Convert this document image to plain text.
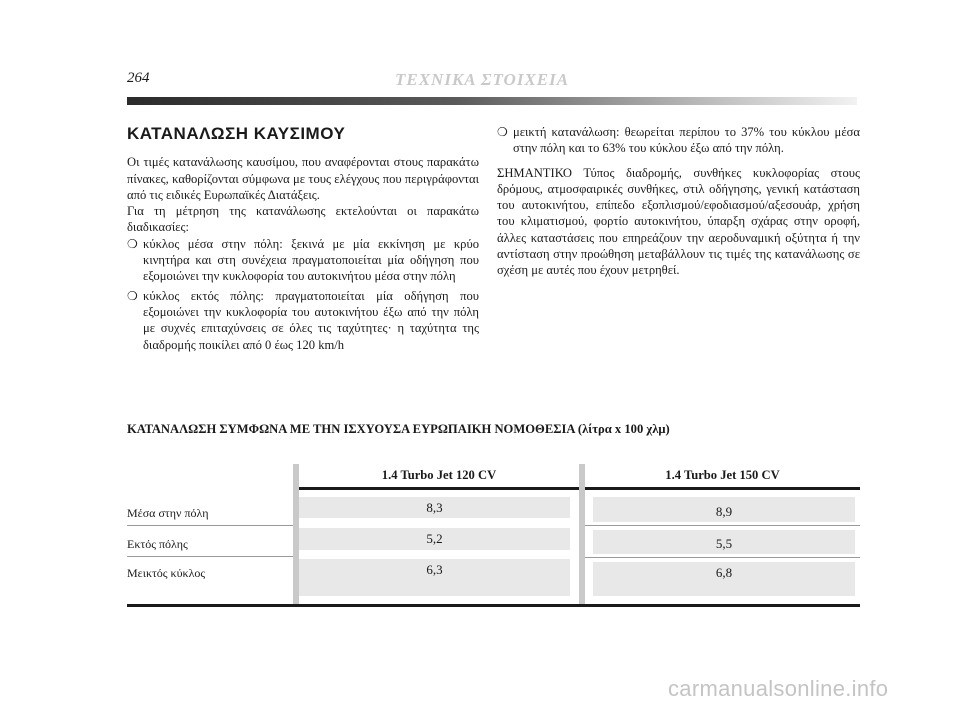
264	ΤΕΧΝΙΚΑ ΣΤΟΙΧΕΙΑ
ΚΑΤΑΝΑΛΩΣΗ ΚΑΥΣΙΜΟΥ

Οι τιμές κατανάλωσης καυσίμου, που αναφέρονται στους παρακάτω πίνακες, καθορίζονται σύμφωνα με τους ελέγχους που περιγράφονται από τις ειδικές Ευρωπαϊκές Διατάξεις.

Για τη μέτρηση της κατανάλωσης εκτελούνται οι παρακάτω διαδικασίες:

❍ κύκλος μέσα στην πόλη: ξεκινά με μία εκκίνηση με κρύο κινητήρα και στη συνέχεια πραγματοποιείται μία οδήγηση που εξομοιώνει την κυκλοφορία του αυτοκινήτου μέσα στην πόλη
❍ κύκλος εκτός πόλης: πραγματοποιείται μία οδήγηση που εξομοιώνει την κυκλοφορία του αυτοκινήτου έξω από την πόλη με συχνές επιταχύνσεις σε όλες τις ταχύτητες· η ταχύτητα της διαδρομής ποικίλει από 0 έως 120 km/h
❍ μεικτή κατανάλωση: θεωρείται περίπου το 37% του κύκλου μέσα στην πόλη και το 63% του κύκλου έξω από την πόλη.

ΣΗΜΑΝΤΙΚΟ Τύπος διαδρομής, συνθήκες κυκλοφορίας στους δρόμους, ατμοσφαιρικές συνθήκες, στιλ οδήγησης, γενική κατάσταση του αυτοκινήτου, επίπεδο εξοπλισμού/εφοδιασμού/αξεσουάρ, χρήση του κλιματισμού, φορτίο αυτοκινήτου, ύπαρξη σχάρας στην οροφή, άλλες καταστάσεις που επηρεάζουν την αεροδυναμική οξύτητα ή την αντίσταση στην προώθηση μεταβάλλουν τις τιμές της κατανάλωσης σε σχέση με αυτές που έχουν μετρηθεί.

ΚΑΤΑΝΑΛΩΣΗ ΣΥΜΦΩΝΑ ΜΕ ΤΗΝ ΙΣΧΥΟΥΣΑ ΕΥΡΩΠΑΙΚΗ ΝΟΜΟΘΕΣΙΑ (λίτρα x 100 χλμ)
1.4 Turbo Jet 120 CV	1.4 Turbo Jet 150 CV
Μέσα στην πόλη
Εκτός πόλης
Μεικτός κύκλος
8,3
5,2
6,3
8,9
5,5
6,8
carmanualsonline.info
